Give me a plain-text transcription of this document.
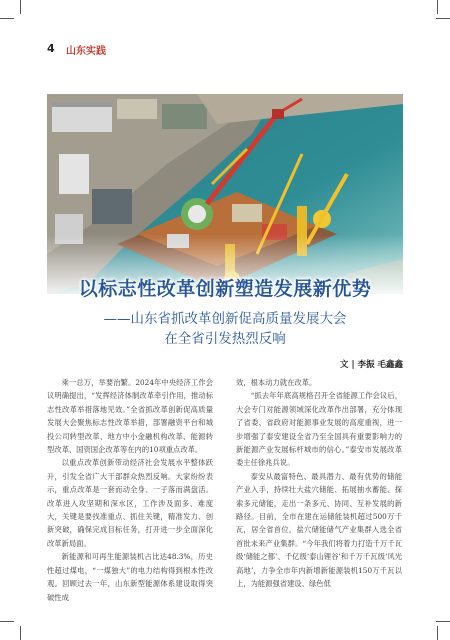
4 山东实践
以标志性改革创新塑造发展新优势
——山东省抓改革创新促高质量发展大会
在全省引发热烈反响
文 | 李振 毛鑫鑫

乘一总万，举要治繁。2024年中央经济工作会议明确提出，“发挥经济体制改革牵引作用，推动标志性改革举措落地见效。”全省抓改革创新促高质量发展大会聚焦标志性改革举措，部署融资平台和城投公司转型改革、地方中小金融机构改革、能源转型改革、国资国企改革等在内的10项重点改革。

以重点改革创新带动经济社会发展水平整体跃升，引发全省广大干部群众热烈反响。大家纷纷表示，重点改革是一套而动全身、一子落而满盘活。改革进入攻坚期和深水区，工作涉及面多、难度大，关键是要找准重点、抓住关键，精准发力、创新突破，确保完成目标任务，打开进一步全面深化改革新局面。

新能源和可再生能源装机占比达48.3%，历史性超过煤电，“一煤独大”的电力结构得到根本性改观。回顾过去一年，山东新型能源体系建设取得突破性成

效，根本动力就在改革。

“抓去年年底高规格召开全省能源工作会议后，大会专门对能源领域深化改革作出部署，充分体现了省委、省政府对能源事业发展的高度重视，进一步增强了泰安建设全省乃至全国具有重要影响力的新能源产业发展标杆城市的信心。”泰安市发展改革委主任徐兆兵说。

泰安从最富特色、最具潜力、最有优势的储能产业入手，持续壮大盐穴储能、拓展抽水蓄能、探索多元储能，走出一条多元、协同、互补发展的新路径。目前，全市在建在运储能装机超过500万千瓦，居全省首位，盐穴储能储气产业集群入选全省首批未来产业集群。“今年我们将着力打造千万千瓦级‘储能之都’、千亿级‘泰山锂谷’和千万千瓦级‘风光高地’，力争全市年内新增新能源装机150万千瓦以上，为能源强省建设、绿色低
